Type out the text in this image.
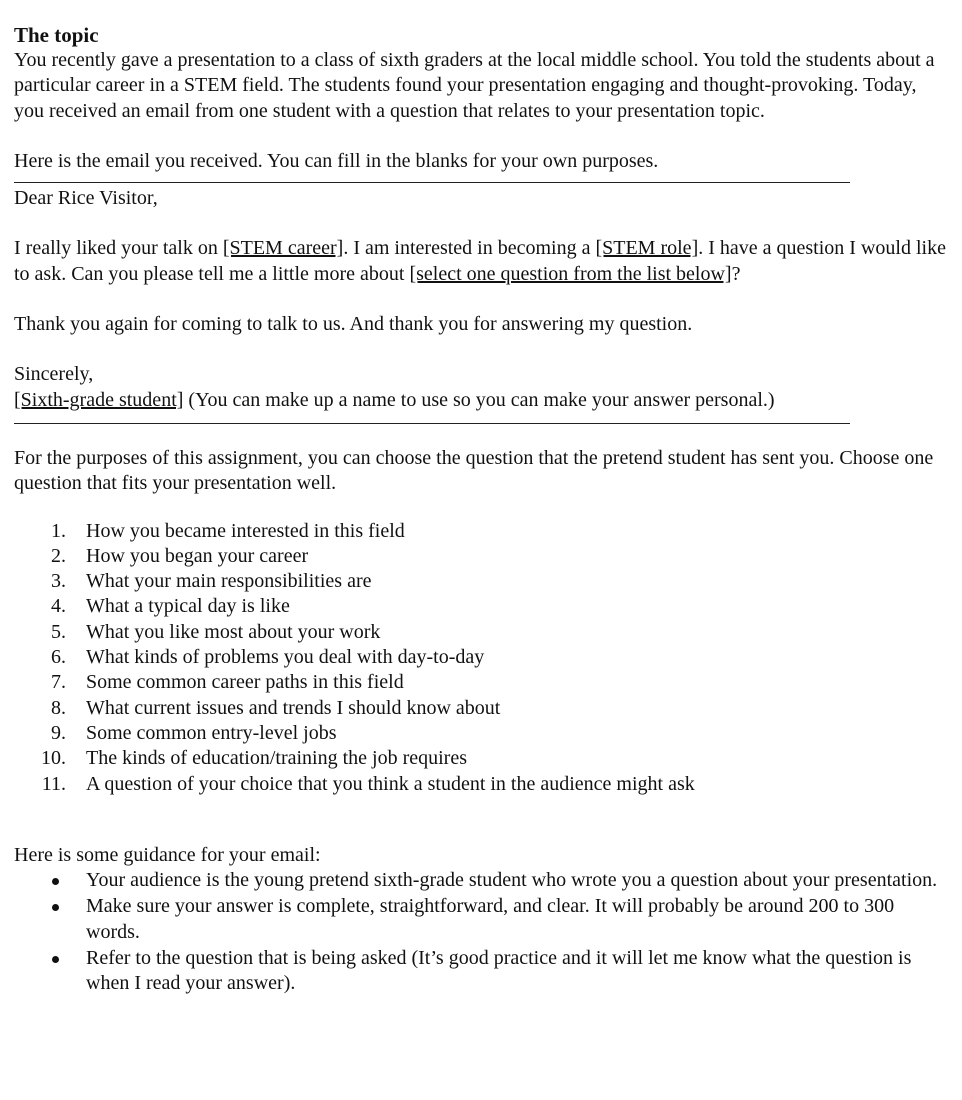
The topic

You recently gave a presentation to a class of sixth graders at the local middle school. You told the students about a particular career in a STEM field. The students found your presentation engaging and thought-provoking. Today, you received an email from one student with a question that relates to your presentation topic.

Here is the email you received. You can fill in the blanks for your own purposes.

Dear Rice Visitor,

I really liked your talk on [STEM career]. I am interested in becoming a [STEM role]. I have a question I would like to ask. Can you please tell me a little more about [select one question from the list below]?

Thank you again for coming to talk to us. And thank you for answering my question.

Sincerely,

[Sixth-grade student] (You can make up a name to use so you can make your answer personal.)

For the purposes of this assignment, you can choose the question that the pretend student has sent you. Choose one question that fits your presentation well.

1.	How you became interested in this field
2.	How you began your career
3.	What your main responsibilities are
4.	What a typical day is like
5.	What you like most about your work
6.	What kinds of problems you deal with day-to-day
7.	Some common career paths in this field
8.	What current issues and trends I should know about
9.	Some common entry-level jobs
10.	The kinds of education/training the job requires
11.	A question of your choice that you think a student in the audience might ask

Here is some guidance for your email:

Your audience is the young pretend sixth-grade student who wrote you a question about your presentation.
Make sure your answer is complete, straightforward, and clear. It will probably be around 200 to 300 words.
Refer to the question that is being asked (It’s good practice and it will let me know what the question is when I read your answer).
